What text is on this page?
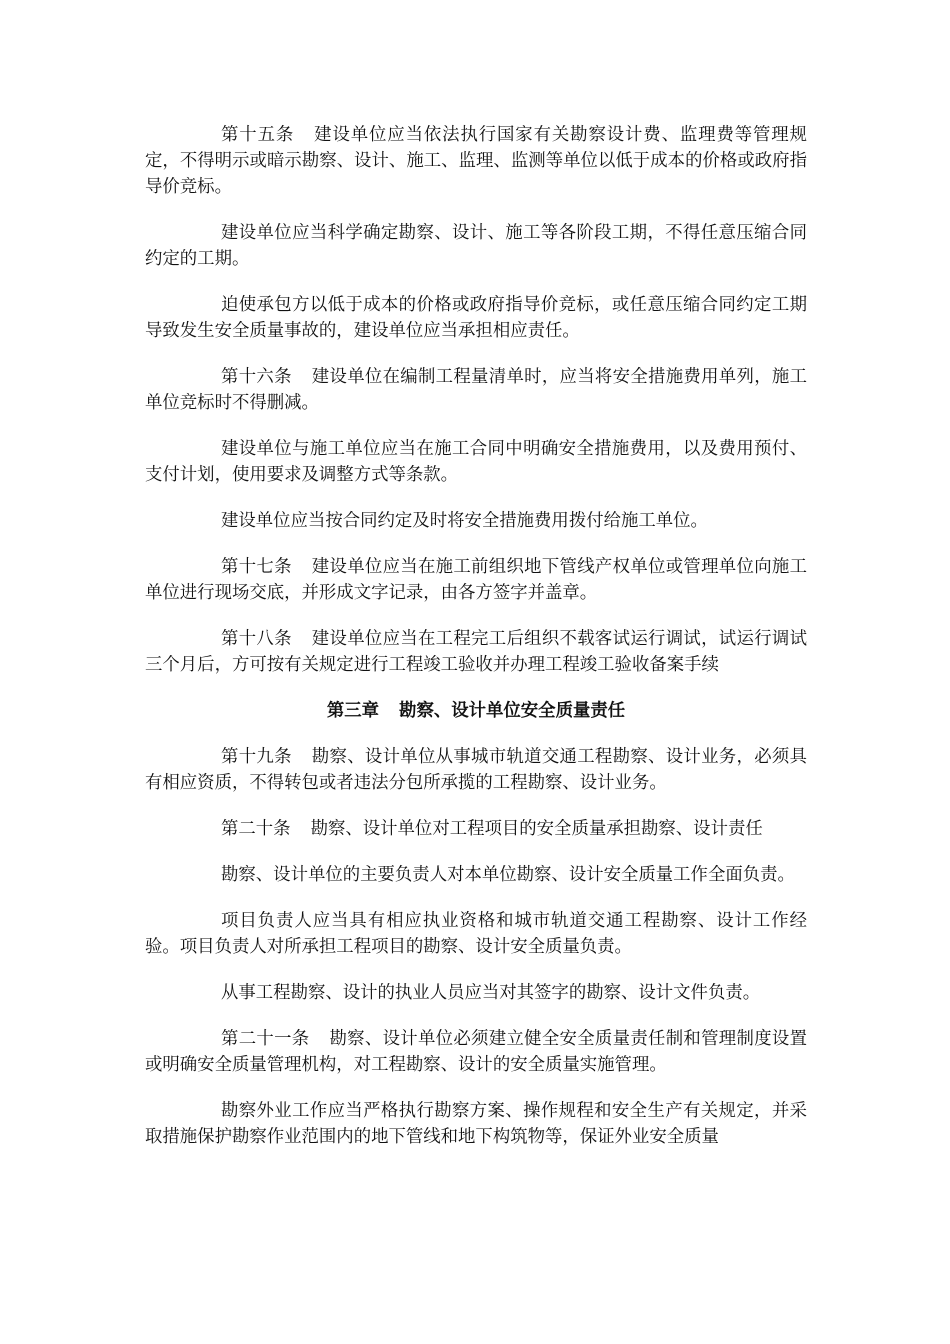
第十五条 建设单位应当依法执行国家有关勘察设计费、监理费等管理规定，不得明示或暗示勘察、设计、施工、监理、监测等单位以低于成本的价格或政府指导价竞标。

建设单位应当科学确定勘察、设计、施工等各阶段工期，不得任意压缩合同约定的工期。

迫使承包方以低于成本的价格或政府指导价竞标，或任意压缩合同约定工期导致发生安全质量事故的，建设单位应当承担相应责任。

第十六条 建设单位在编制工程量清单时，应当将安全措施费用单列，施工单位竞标时不得删减。

建设单位与施工单位应当在施工合同中明确安全措施费用，以及费用预付、支付计划，使用要求及调整方式等条款。

建设单位应当按合同约定及时将安全措施费用拨付给施工单位。

第十七条 建设单位应当在施工前组织地下管线产权单位或管理单位向施工单位进行现场交底，并形成文字记录，由各方签字并盖章。

第十八条 建设单位应当在工程完工后组织不载客试运行调试，试运行调试三个月后，方可按有关规定进行工程竣工验收并办理工程竣工验收备案手续

第三章 勘察、设计单位安全质量责任

第十九条 勘察、设计单位从事城市轨道交通工程勘察、设计业务，必须具有相应资质，不得转包或者违法分包所承揽的工程勘察、设计业务。

第二十条 勘察、设计单位对工程项目的安全质量承担勘察、设计责任

勘察、设计单位的主要负责人对本单位勘察、设计安全质量工作全面负责。

项目负责人应当具有相应执业资格和城市轨道交通工程勘察、设计工作经验。项目负责人对所承担工程项目的勘察、设计安全质量负责。

从事工程勘察、设计的执业人员应当对其签字的勘察、设计文件负责。

第二十一条 勘察、设计单位必须建立健全安全质量责任制和管理制度设置或明确安全质量管理机构，对工程勘察、设计的安全质量实施管理。

勘察外业工作应当严格执行勘察方案、操作规程和安全生产有关规定，并采取措施保护勘察作业范围内的地下管线和地下构筑物等，保证外业安全质量
